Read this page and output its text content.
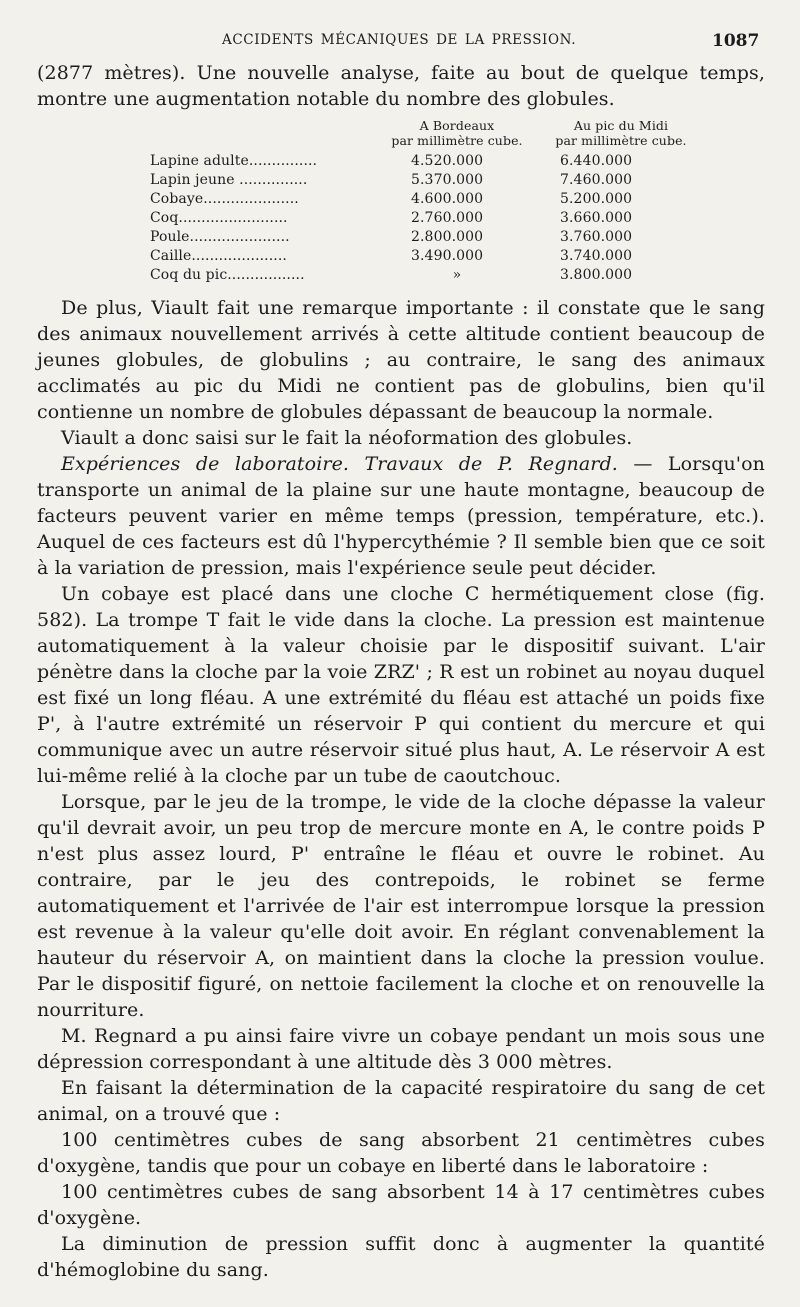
ACCIDENTS MÉCANIQUES DE LA PRESSION.	1087

(2877 mètres). Une nouvelle analyse, faite au bout de quelque temps, montre une augmentation notable du nombre des globules.

A Bordeaux
par millimètre cube.
Au pic du Midi
par millimètre cube.
Lapine adulte...............	4.520.000	6.440.000
Lapin jeune ...............	5.370.000	7.460.000
Cobaye.....................	4.600.000	5.200.000
Coq........................	2.760.000	3.660.000
Poule......................	2.800.000	3.760.000
Caille.....................	3.490.000	3.740.000
Coq du pic.................	»	3.800.000

De plus, Viault fait une remarque importante : il constate que le sang des animaux nouvellement arrivés à cette altitude contient beaucoup de jeunes globules, de globulins ; au contraire, le sang des animaux acclimatés au pic du Midi ne contient pas de globulins, bien qu'il contienne un nombre de globules dépassant de beaucoup la normale.

Viault a donc saisi sur le fait la néoformation des globules.

Expériences de laboratoire. Travaux de P. Regnard. — Lorsqu'on transporte un animal de la plaine sur une haute montagne, beaucoup de facteurs peuvent varier en même temps (pression, température, etc.). Auquel de ces facteurs est dû l'hypercythémie ? Il semble bien que ce soit à la variation de pression, mais l'expérience seule peut décider.

Un cobaye est placé dans une cloche C hermétiquement close (fig. 582). La trompe T fait le vide dans la cloche. La pression est maintenue automatiquement à la valeur choisie par le dispositif suivant. L'air pénètre dans la cloche par la voie ZRZ' ; R est un robinet au noyau duquel est fixé un long fléau. A une extrémité du fléau est attaché un poids fixe P', à l'autre extrémité un réservoir P qui contient du mercure et qui communique avec un autre réservoir situé plus haut, A. Le réservoir A est lui-même relié à la cloche par un tube de caoutchouc.

Lorsque, par le jeu de la trompe, le vide de la cloche dépasse la valeur qu'il devrait avoir, un peu trop de mercure monte en A, le contre poids P n'est plus assez lourd, P' entraîne le fléau et ouvre le robinet. Au contraire, par le jeu des contrepoids, le robinet se ferme automatiquement et l'arrivée de l'air est interrompue lorsque la pression est revenue à la valeur qu'elle doit avoir. En réglant convenablement la hauteur du réservoir A, on maintient dans la cloche la pression voulue. Par le dispositif figuré, on nettoie facilement la cloche et on renouvelle la nourriture.

M. Regnard a pu ainsi faire vivre un cobaye pendant un mois sous une dépression correspondant à une altitude dès 3 000 mètres.

En faisant la détermination de la capacité respiratoire du sang de cet animal, on a trouvé que :

100 centimètres cubes de sang absorbent 21 centimètres cubes d'oxygène, tandis que pour un cobaye en liberté dans le laboratoire :

100 centimètres cubes de sang absorbent 14 à 17 centimètres cubes d'oxygène.

La diminution de pression suffit donc à augmenter la quantité d'hémoglobine du sang.
